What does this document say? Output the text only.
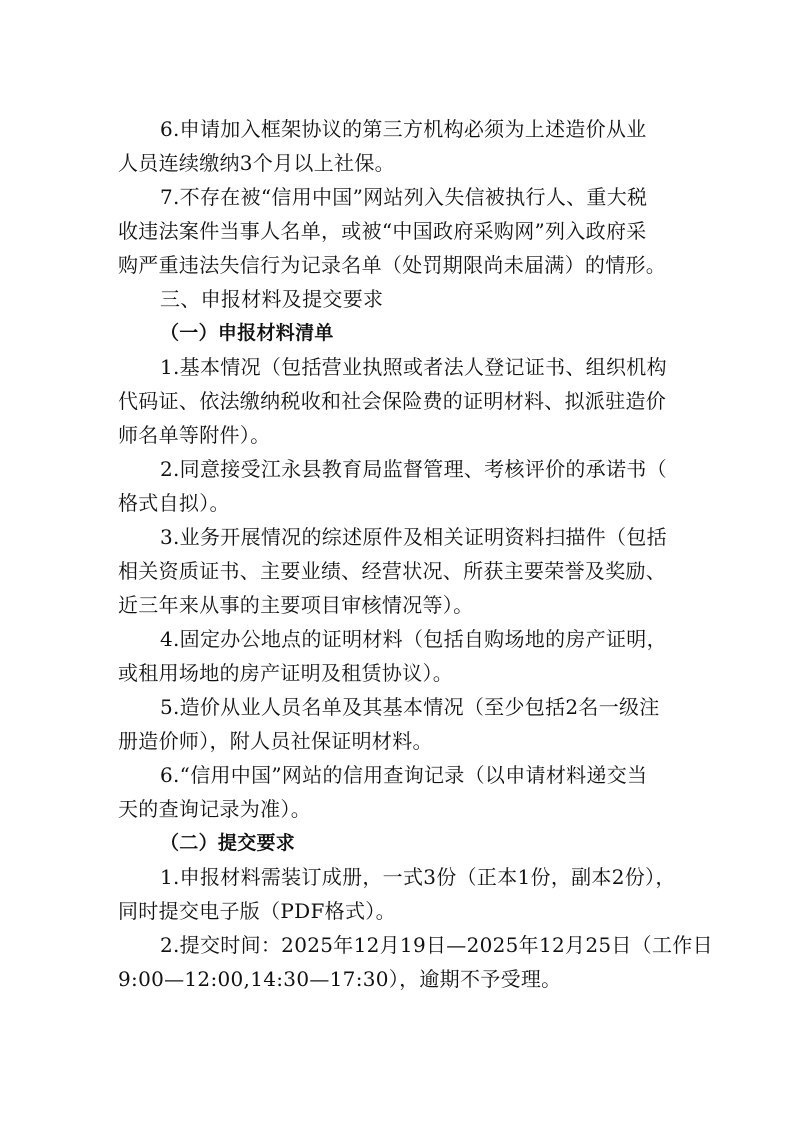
6.申请加入框架协议的第三方机构必须为上述造价从业
人员连续缴纳3个月以上社保。
7.不存在被“信用中国”网站列入失信被执行人、重大税
收违法案件当事人名单，或被“中国政府采购网”列入政府采
购严重违法失信行为记录名单（处罚期限尚未届满）的情形。
三、申报材料及提交要求
（一）申报材料清单
1.基本情况（包括营业执照或者法人登记证书、组织机构
代码证、依法缴纳税收和社会保险费的证明材料、拟派驻造价
师名单等附件）。
2.同意接受江永县教育局监督管理、考核评价的承诺书（
格式自拟）。
3.业务开展情况的综述原件及相关证明资料扫描件（包括
相关资质证书、主要业绩、经营状况、所获主要荣誉及奖励、
近三年来从事的主要项目审核情况等）。
4.固定办公地点的证明材料（包括自购场地的房产证明，
或租用场地的房产证明及租赁协议）。
5.造价从业人员名单及其基本情况（至少包括2名一级注
册造价师），附人员社保证明材料。
6.“信用中国”网站的信用查询记录（以申请材料递交当
天的查询记录为准）。
（二）提交要求
1.申报材料需装订成册，一式3份（正本1份，副本2份），
同时提交电子版（PDF格式）。
2.提交时间：2025年12月19日—2025年12月25日（工作日
9:00—12:00,14:30—17:30），逾期不予受理。
